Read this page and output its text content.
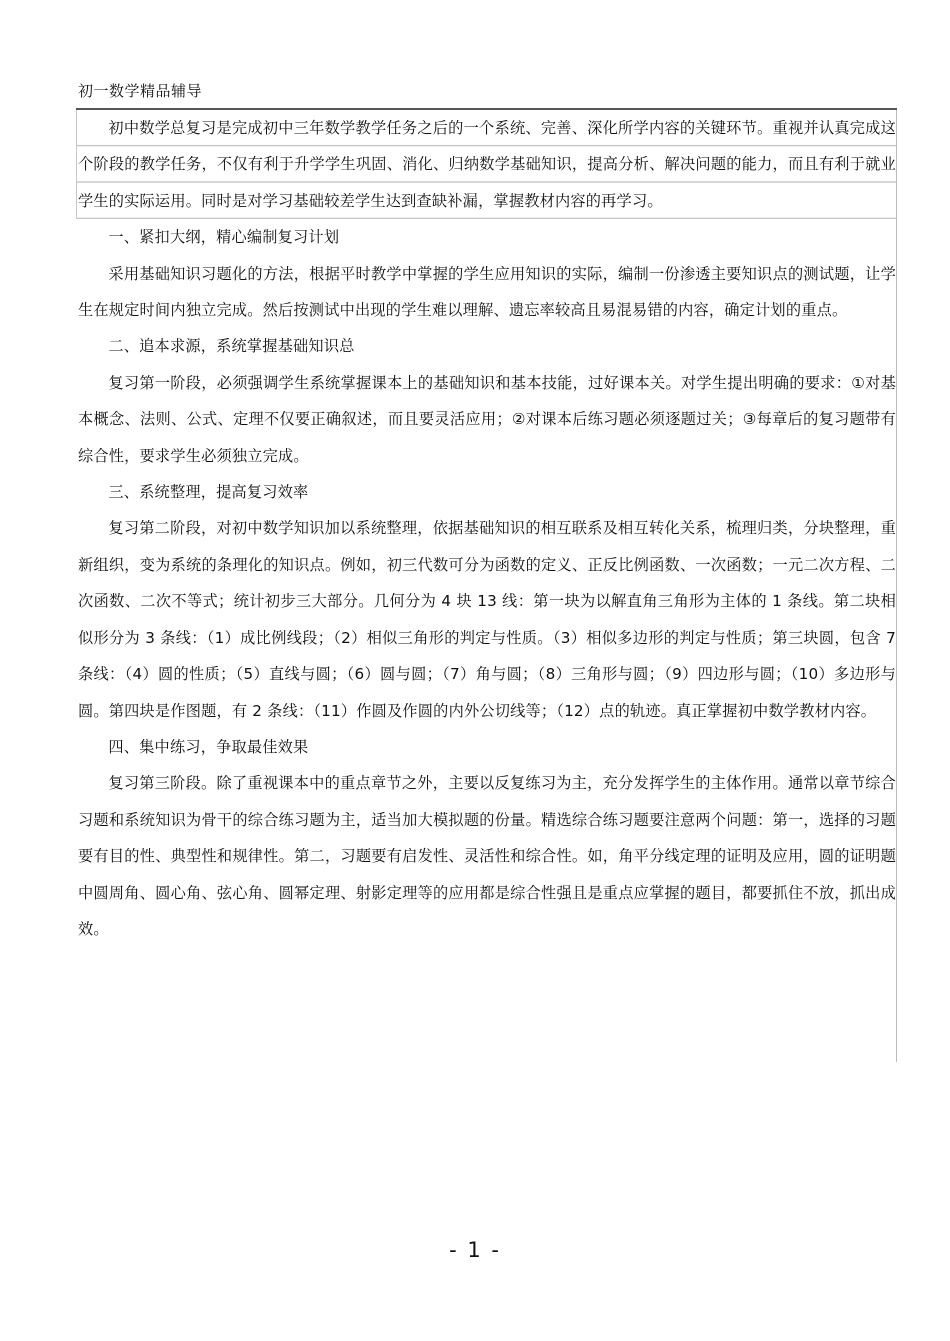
初一数学精品辅导

初中数学总复习是完成初中三年数学教学任务之后的一个系统、完善、深化所学内容的关键环节。重视并认真完成这个阶段的教学任务，不仅有利于升学学生巩固、消化、归纳数学基础知识，提高分析、解决问题的能力，而且有利于就业学生的实际运用。同时是对学习基础较差学生达到查缺补漏，掌握教材内容的再学习。

一、紧扣大纲，精心编制复习计划

采用基础知识习题化的方法，根据平时教学中掌握的学生应用知识的实际，编制一份渗透主要知识点的测试题，让学生在规定时间内独立完成。然后按测试中出现的学生难以理解、遗忘率较高且易混易错的内容，确定计划的重点。

二、追本求源，系统掌握基础知识总

复习第一阶段，必须强调学生系统掌握课本上的基础知识和基本技能，过好课本关。对学生提出明确的要求：①对基本概念、法则、公式、定理不仅要正确叙述，而且要灵活应用；②对课本后练习题必须逐题过关；③每章后的复习题带有综合性，要求学生必须独立完成。

三、系统整理，提高复习效率

复习第二阶段，对初中数学知识加以系统整理，依据基础知识的相互联系及相互转化关系，梳理归类，分块整理，重新组织，变为系统的条理化的知识点。例如，初三代数可分为函数的定义、正反比例函数、一次函数；一元二次方程、二次函数、二次不等式；统计初步三大部分。几何分为 4 块 13 线：第一块为以解直角三角形为主体的 1 条线。第二块相似形分为 3 条线：（1）成比例线段；（2）相似三角形的判定与性质。（3）相似多边形的判定与性质；第三块圆，包含 7 条线：（4）圆的性质；（5）直线与圆；（6）圆与圆；（7）角与圆；（8）三角形与圆；（9）四边形与圆；（10）多边形与圆。第四块是作图题，有 2 条线：（11）作圆及作圆的内外公切线等；（12）点的轨迹。真正掌握初中数学教材内容。

四、集中练习，争取最佳效果

复习第三阶段。除了重视课本中的重点章节之外，主要以反复练习为主，充分发挥学生的主体作用。通常以章节综合习题和系统知识为骨干的综合练习题为主，适当加大模拟题的份量。精选综合练习题要注意两个问题：第一，选择的习题要有目的性、典型性和规律性。第二，习题要有启发性、灵活性和综合性。如，角平分线定理的证明及应用，圆的证明题中圆周角、圆心角、弦心角、圆幂定理、射影定理等的应用都是综合性强且是重点应掌握的题目，都要抓住不放，抓出成效。

- 1 -
